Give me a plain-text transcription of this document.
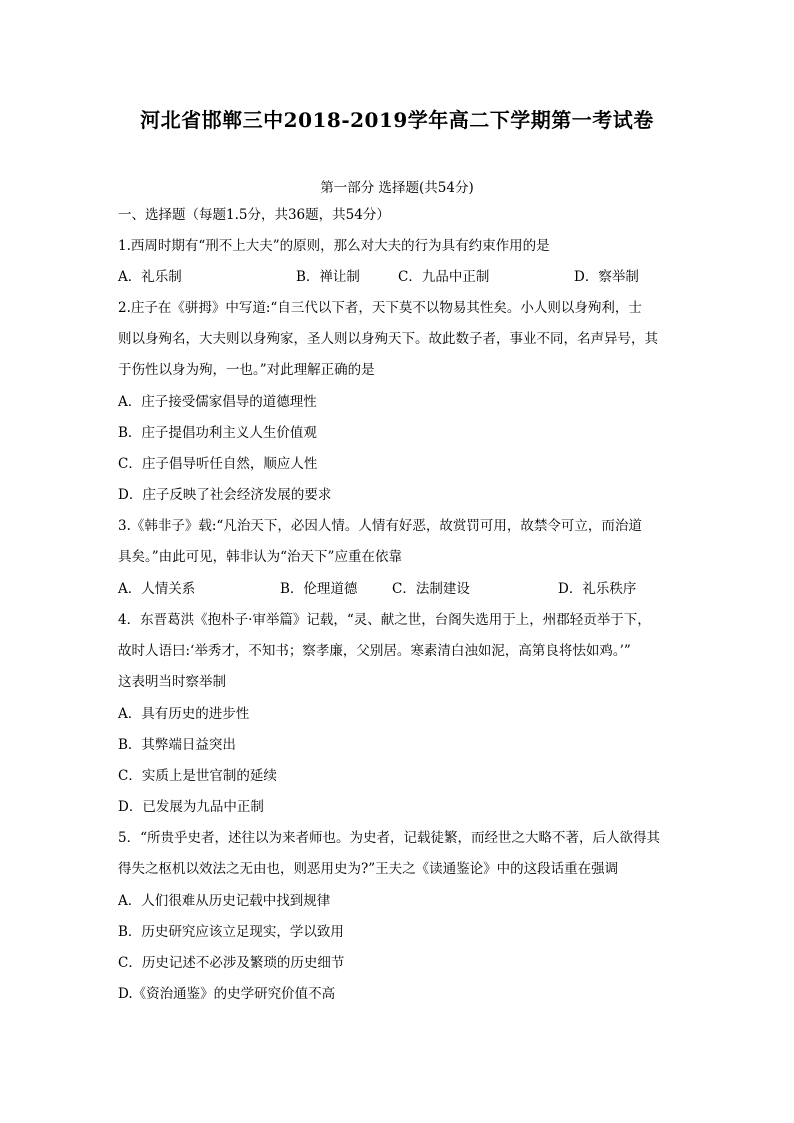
河北省邯郸三中2018-2019学年高二下学期第一考试卷
第一部分 选择题(共54分)
一、选择题（每题1.5分，共36题，共54分）
1.西周时期有“刑不上大夫”的原则，那么对大夫的行为具有约束作用的是
A．礼乐制	B．禅让制	C．九品中正制	D．察举制
2.庄子在《骈拇》中写道:“自三代以下者，天下莫不以物易其性矣。小人则以身殉利，士
则以身殉名，大夫则以身殉家，圣人则以身殉天下。故此数子者，事业不同，名声异号，其
于伤性以身为殉，一也。”对此理解正确的是
A．庄子接受儒家倡导的道德理性
B．庄子提倡功利主义人生价值观
C．庄子倡导听任自然，顺应人性
D．庄子反映了社会经济发展的要求
3.《韩非子》载:“凡治天下，必因人情。人情有好恶，故赏罚可用，故禁令可立，而治道
具矣。”由此可见，韩非认为“治天下”应重在依靠
A．人情关系	B．伦理道德	C．法制建设	D．礼乐秩序
4．东晋葛洪《抱朴子·审举篇》记载，“灵、献之世，台阁失选用于上，州郡轻贡举于下，
故时人语曰:‘举秀才，不知书；察孝廉，父别居。寒素清白浊如泥，高第良将怯如鸡。’”
这表明当时察举制
A．具有历史的进步性
B．其弊端日益突出
C．实质上是世官制的延续
D．已发展为九品中正制
5．“所贵乎史者，述往以为来者师也。为史者，记载徒繁，而经世之大略不著，后人欲得其
得失之枢机以效法之无由也，则恶用史为?”王夫之《读通鉴论》中的这段话重在强调
A．人们很难从历史记载中找到规律
B．历史研究应该立足现实，学以致用
C．历史记述不必涉及繁琐的历史细节
D.《资治通鉴》的史学研究价值不高
